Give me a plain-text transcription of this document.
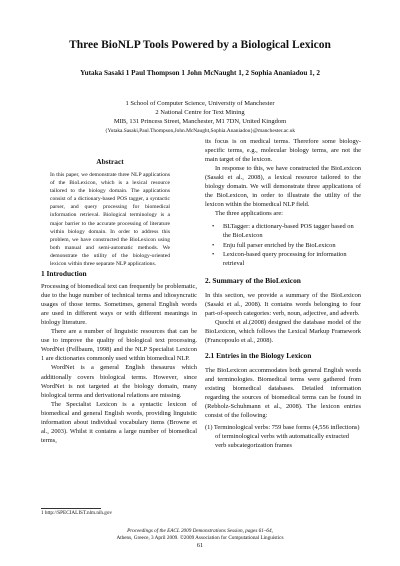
Three BioNLP Tools Powered by a Biological Lexicon
Yutaka Sasaki 1 Paul Thompson 1 John McNaught 1, 2 Sophia Ananiadou 1, 2
1 School of Computer Science, University of Manchester
2 National Centre for Text Mining
MIB, 131 Princess Street, Manchester, M1 7DN, United Kingdom
{Yutaka.Sasaki,Paul.Thompson,John.McNaught,Sophia.Ananiadou}@manchester.ac.uk
Abstract

In this paper, we demonstrate three NLP applications of the BioLexicon, which is a lexical resource tailored to the biology domain. The applications consist of a dictionary-based POS tagger, a syntactic parser, and query processing for biomedical information retrieval. Biological terminology is a major barrier to the accurate processing of literature within biology domain. In order to address this problem, we have constructed the BioLexicon using both manual and semi-automatic methods. We demonstrate the utility of the biology-oriented lexicon within three separate NLP applications.

1 Introduction

Processing of biomedical text can frequently be problematic, due to the huge number of technical terms and idiosyncratic usages of those terms. Sometimes, general English words are used in different ways or with different meanings in biology literature.

There are a number of linguistic resources that can be use to improve the quality of biological text processing. WordNet (Fellbaum, 1998) and the NLP Specialist Lexicon 1 are dictionaries commonly used within biomedical NLP.

WordNet is a general English thesaurus which additionally covers biological terms. However, since WordNet is not targeted at the biology domain, many biological terms and derivational relations are missing.

The Specialist Lexicon is a syntactic lexicon of biomedical and general English words, providing linguistic information about individual vocabulary items (Browne et al., 2003). Whilst it contains a large number of biomedical terms,

1 http://SPECIALIST.nlm.nih.gov

its focus is on medical terms. Therefore some biology-specific terms, e.g., molecular biology terms, are not the main target of the lexicon.

In response to this, we have constructed the BioLexicon (Sasaki et al., 2008), a lexical resource tailored to the biology domain. We will demonstrate three applications of the BioLexicon, in order to illustrate the utility of the lexicon within the biomedical NLP field.

The three applications are:

• BLTagger: a dictionary-based POS tagger based on the BioLexicon
• Enju full parser enriched by the BioLexicon
• Lexicon-based query processing for information retrieval
2. Summary of the BioLexicon

In this section, we provide a summary of the BioLexicon (Sasaki et al., 2008). It contains words belonging to four part-of-speech categories: verb, noun, adjective, and adverb.

Quochi et al.(2008) designed the database model of the BioLexicon, which follows the Lexical Markup Framework (Francopoulo et al., 2008).

2.1 Entries in the Biology Lexicon

The BioLexicon accommodates both general English words and terminologies. Biomedical terms were gathered from existing biomedical databases. Detailed information regarding the sources of biomedical terms can be found in (Rebholz-Schuhmann et al., 2008). The lexicon entries consist of the following:

(1) Terminological verbs: 759 base forms (4,556 inflections) of terminological verbs with automatically extracted verb subcategorization frames

Proceedings of the EACL 2009 Demonstrations Session, pages 61–64,
Athens, Greece, 3 April 2009. ©2009 Association for Computational Linguistics
61
